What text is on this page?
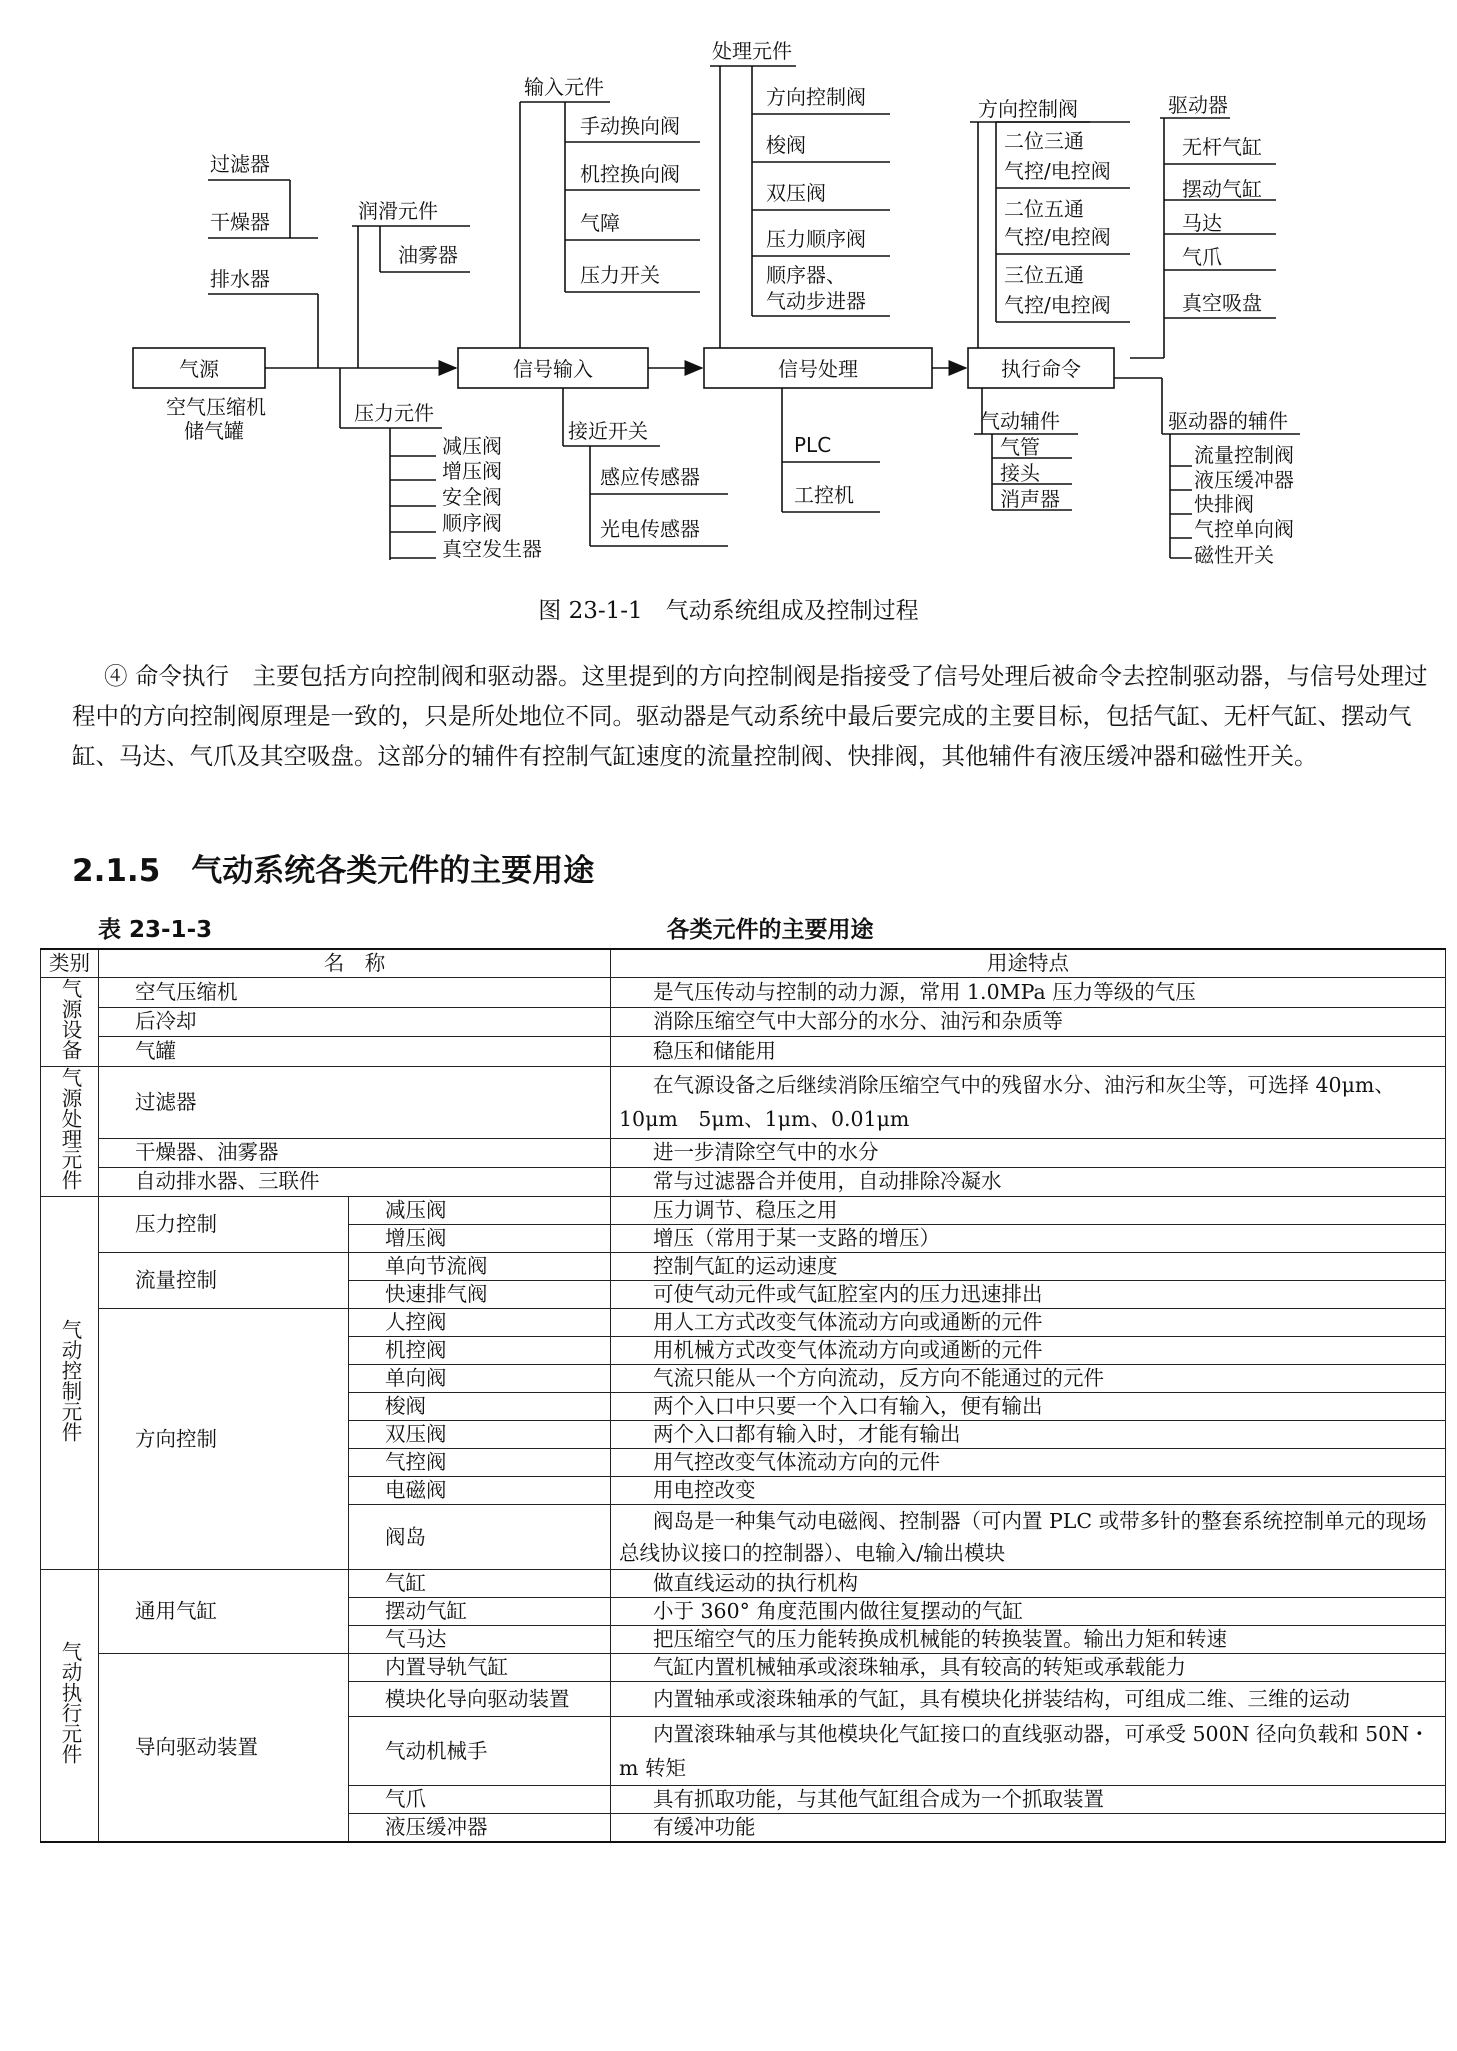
气源
空气压缩机
储气罐
过滤器
干燥器
排水器
润滑元件
油雾器
压力元件
减压阀
增压阀
安全阀
顺序阀
真空发生器
信号输入
输入元件
手动换向阀
机控换向阀
气障
压力开关
接近开关
感应传感器
光电传感器
信号处理
处理元件
方向控制阀
梭阀
双压阀
压力顺序阀
顺序器、
气动步进器
PLC
工控机
执行命令
方向控制阀
二位三通
气控/电控阀
二位五通
气控/电控阀
三位五通
气控/电控阀
驱动器
无杆气缸
摆动气缸
马达
气爪
真空吸盘
气动辅件
气管
接头
消声器
驱动器的辅件
流量控制阀
液压缓冲器
快排阀
气控单向阀
磁性开关
图 23-1-1　气动系统组成及控制过程

④ 命令执行　主要包括方向控制阀和驱动器。这里提到的方向控制阀是指接受了信号处理后被命令去控制驱动器，与信号处理过程中的方向控制阀原理是一致的，只是所处地位不同。驱动器是气动系统中最后要完成的主要目标，包括气缸、无杆气缸、摆动气缸、马达、气爪及其空吸盘。这部分的辅件有控制气缸速度的流量控制阀、快排阀，其他辅件有液压缓冲器和磁性开关。

2.1.5　气动系统各类元件的主要用途
表 23-1-3	各类元件的主要用途
类别	名　称		用途特点
气源设备	空气压缩机		是气压传动与控制的动力源，常用 1.0MPa 压力等级的气压
	后冷却		消除压缩空气中大部分的水分、油污和杂质等
	气罐		稳压和储能用
气源处理元件	过滤器		在气源设备之后继续消除压缩空气中的残留水分、油污和灰尘等，可选择 40μm、10μm　5μm、1μm、0.01μm
	干燥器、油雾器		进一步清除空气中的水分
	自动排水器、三联件		常与过滤器合并使用，自动排除冷凝水
气动控制元件	压力控制	减压阀	压力调节、稳压之用
		增压阀	增压（常用于某一支路的增压）
	流量控制	单向节流阀	控制气缸的运动速度
		快速排气阀	可使气动元件或气缸腔室内的压力迅速排出
	方向控制	人控阀	用人工方式改变气体流动方向或通断的元件
		机控阀	用机械方式改变气体流动方向或通断的元件
		单向阀	气流只能从一个方向流动，反方向不能通过的元件
		梭阀	两个入口中只要一个入口有输入，便有输出
		双压阀	两个入口都有输入时，才能有输出
		气控阀	用气控改变气体流动方向的元件
		电磁阀	用电控改变
		阀岛	阀岛是一种集气动电磁阀、控制器（可内置 PLC 或带多针的整套系统控制单元的现场总线协议接口的控制器）、电输入/输出模块
气动执行元件	通用气缸	气缸	做直线运动的执行机构
		摆动气缸	小于 360° 角度范围内做往复摆动的气缸
		气马达	把压缩空气的压力能转换成机械能的转换装置。输出力矩和转速
	导向驱动装置	内置导轨气缸	气缸内置机械轴承或滚珠轴承，具有较高的转矩或承载能力
		模块化导向驱动装置	内置轴承或滚珠轴承的气缸，具有模块化拼装结构，可组成二维、三维的运动
		气动机械手	内置滚珠轴承与其他模块化气缸接口的直线驱动器，可承受 500N 径向负载和 50N・m 转矩
		气爪	具有抓取功能，与其他气缸组合成为一个抓取装置
		液压缓冲器	有缓冲功能
